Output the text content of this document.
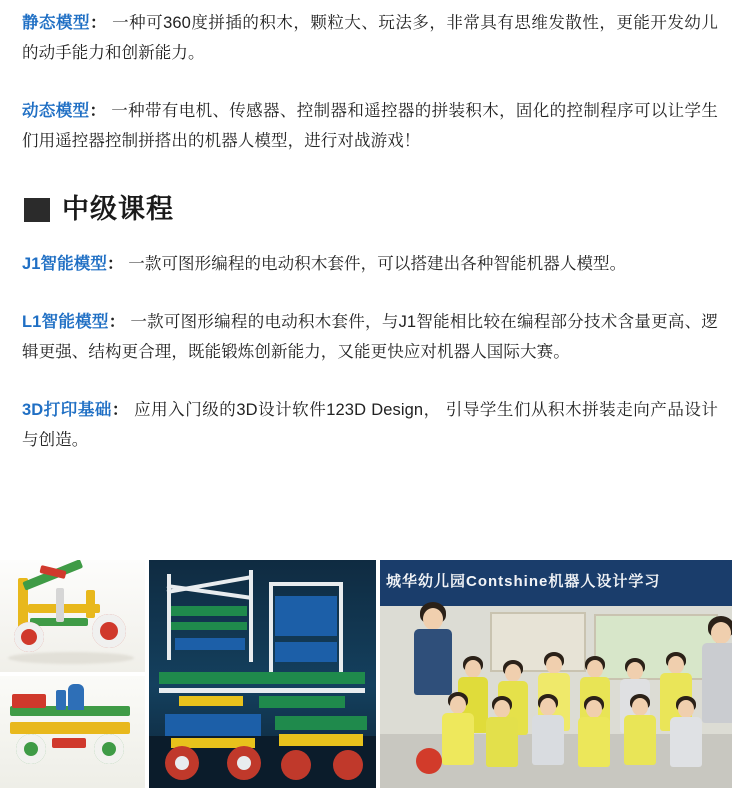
静态模型： 一种可360度拼插的积木，颗粒大、玩法多，非常具有思维发散性，更能开发幼儿的动手能力和创新能力。

动态模型： 一种带有电机、传感器、控制器和遥控器的拼装积木，固化的控制程序可以让学生们用遥控器控制拼搭出的机器人模型，进行对战游戏！

中级课程

J1智能模型： 一款可图形编程的电动积木套件，可以搭建出各种智能机器人模型。

L1智能模型： 一款可图形编程的电动积木套件，与J1智能相比较在编程部分技术含量更高、逻辑更强、结构更合理，既能锻炼创新能力，又能更快应对机器人国际大赛。

3D打印基础： 应用入门级的3D设计软件123D Design， 引导学生们从积木拼装走向产品设计与创造。

城华幼儿园Contshine机器人设计学习
